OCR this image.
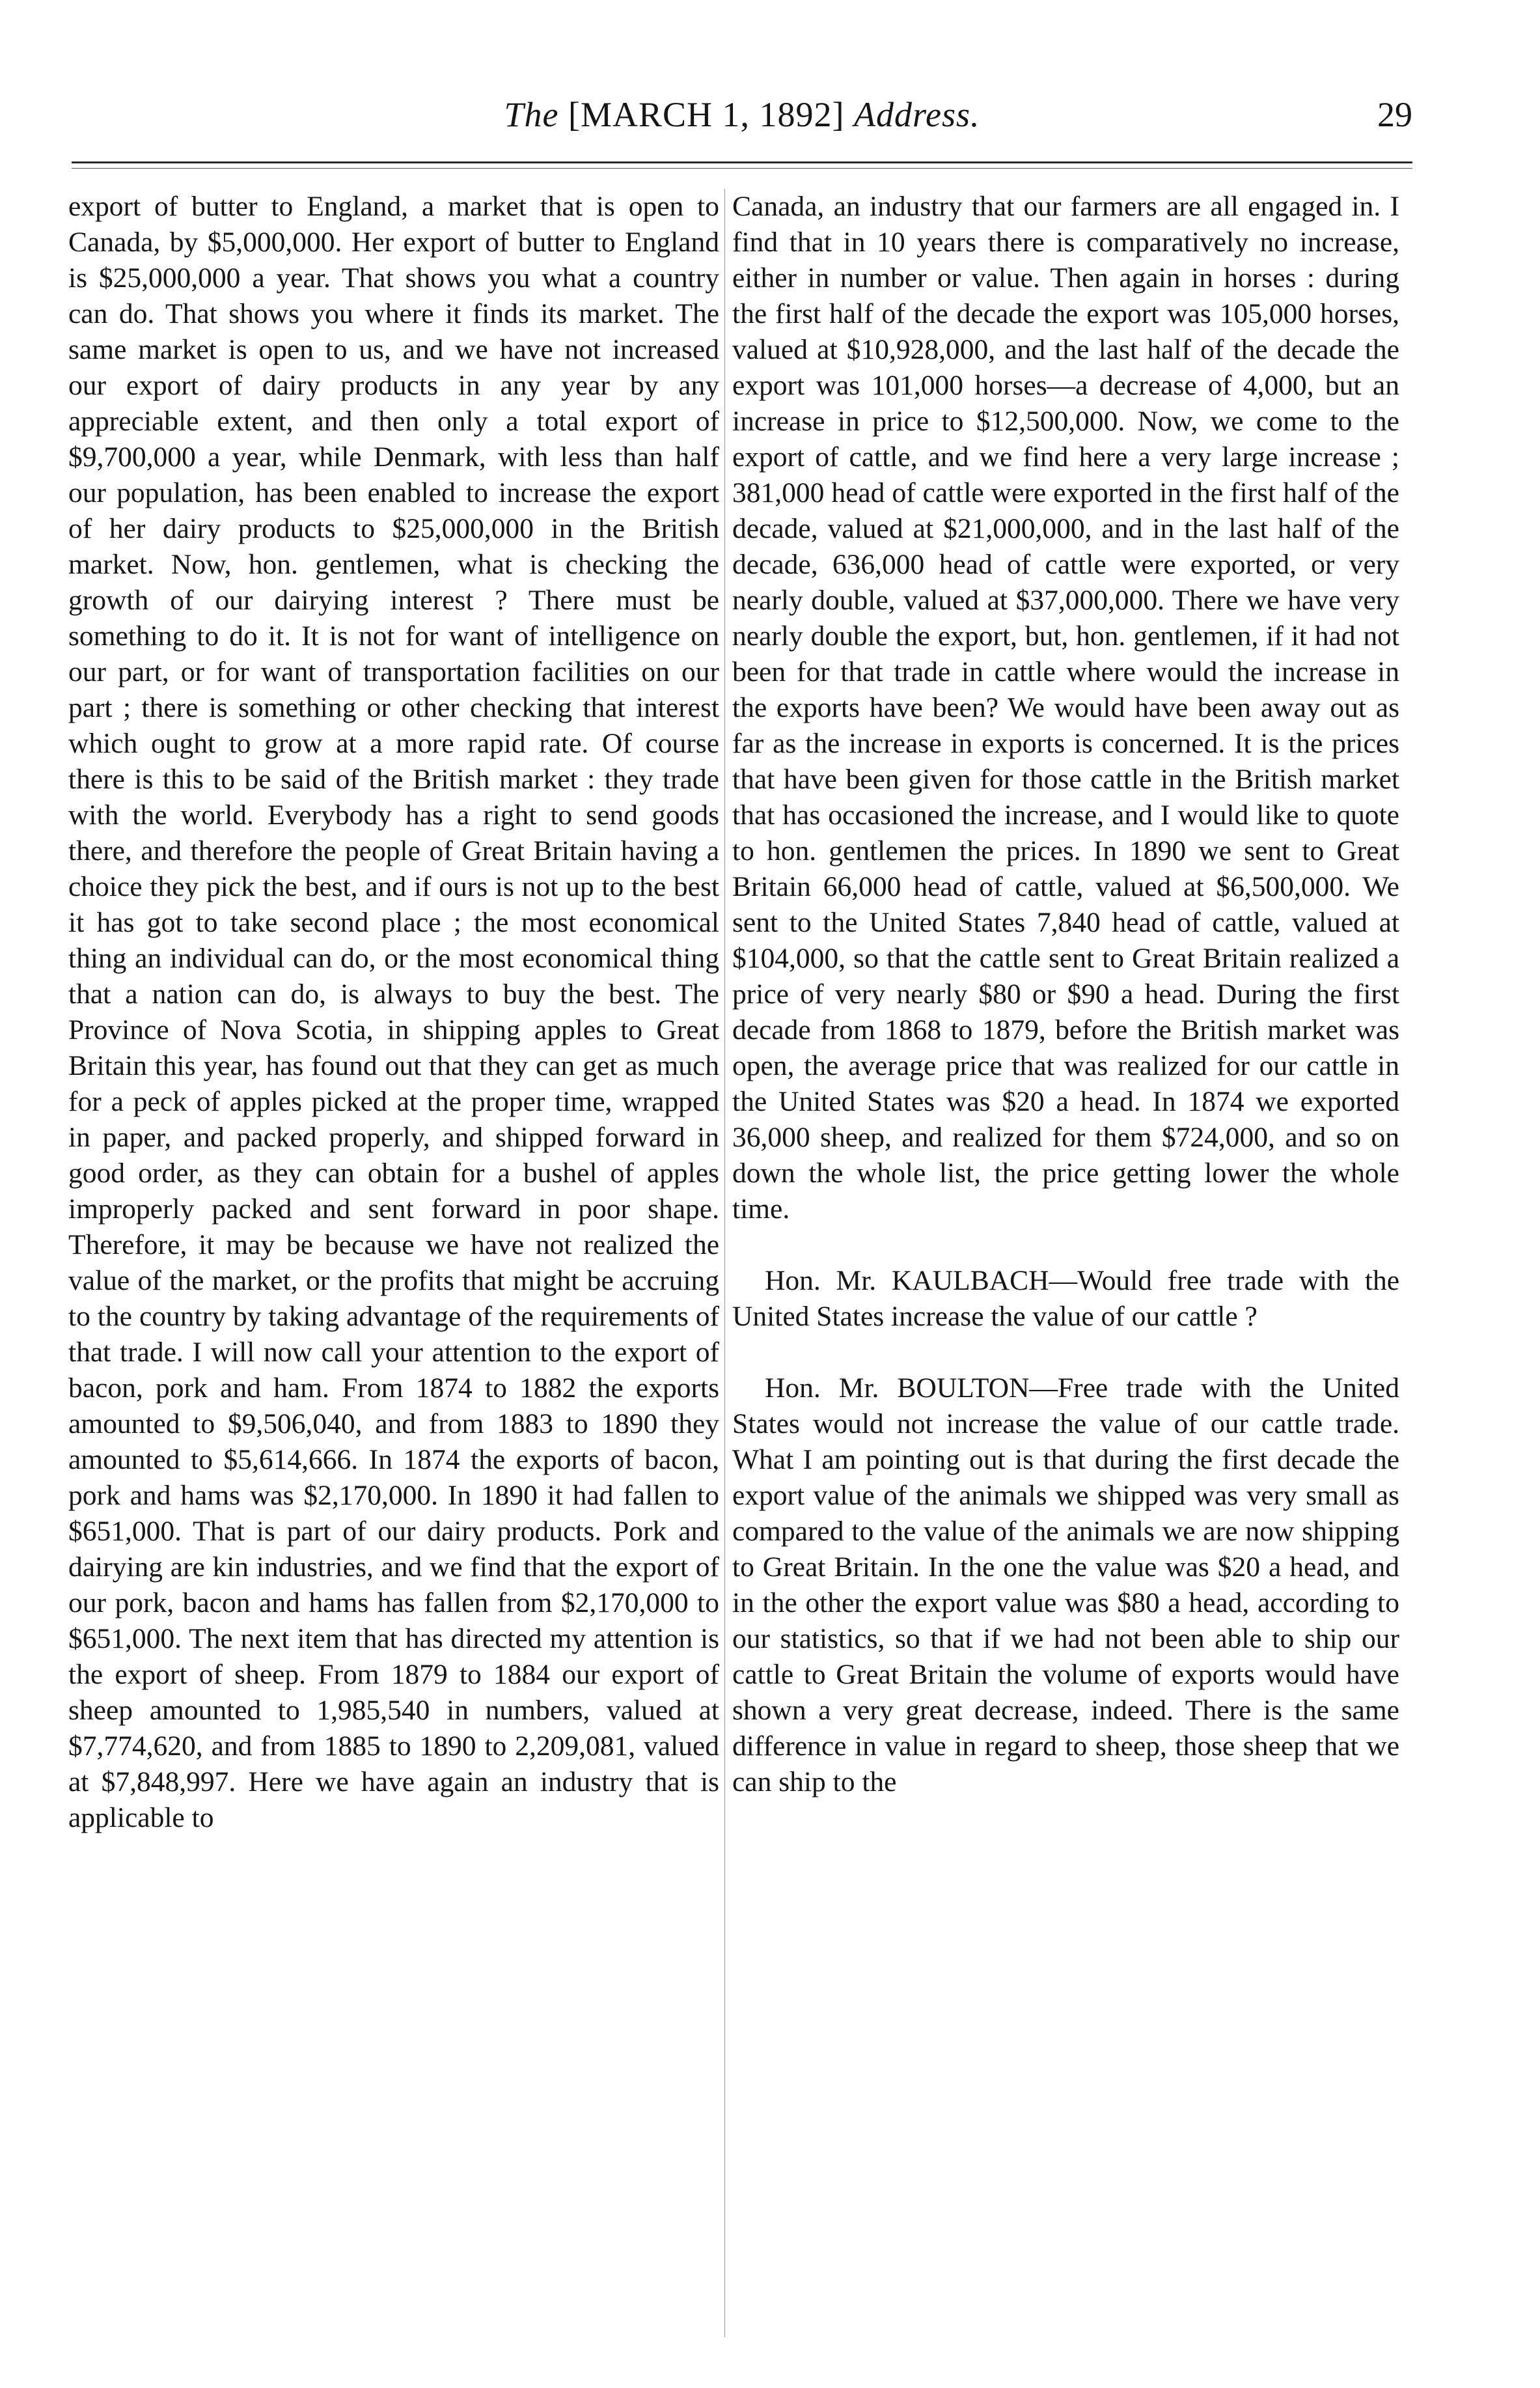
The [MARCH 1, 1892] Address.	29

export of butter to England, a market that is open to Canada, by $5,000,000. Her export of butter to England is $25,000,000 a year. That shows you what a country can do. That shows you where it finds its market. The same market is open to us, and we have not increased our export of dairy products in any year by any appreciable extent, and then only a total export of $9,700,000 a year, while Denmark, with less than half our population, has been enabled to increase the export of her dairy products to $25,000,000 in the British market. Now, hon. gentlemen, what is checking the growth of our dairying interest ? There must be something to do it. It is not for want of intelligence on our part, or for want of transportation facilities on our part ; there is something or other checking that interest which ought to grow at a more rapid rate. Of course there is this to be said of the British market : they trade with the world. Everybody has a right to send goods there, and therefore the people of Great Britain having a choice they pick the best, and if ours is not up to the best it has got to take second place ; the most economical thing an individual can do, or the most economical thing that a nation can do, is always to buy the best. The Province of Nova Scotia, in shipping apples to Great Britain this year, has found out that they can get as much for a peck of apples picked at the proper time, wrapped in paper, and packed properly, and shipped forward in good order, as they can obtain for a bushel of apples improperly packed and sent forward in poor shape. Therefore, it may be because we have not realized the value of the market, or the profits that might be accruing to the country by taking advantage of the requirements of that trade. I will now call your attention to the export of bacon, pork and ham. From 1874 to 1882 the exports amounted to $9,506,040, and from 1883 to 1890 they amounted to $5,614,666. In 1874 the exports of bacon, pork and hams was $2,170,000. In 1890 it had fallen to $651,000. That is part of our dairy products. Pork and dairying are kin industries, and we find that the export of our pork, bacon and hams has fallen from $2,170,000 to $651,000. The next item that has directed my attention is the export of sheep. From 1879 to 1884 our export of sheep amounted to 1,985,540 in numbers, valued at $7,774,620, and from 1885 to 1890 to 2,209,081, valued at $7,848,997. Here we have again an industry that is applicable to

Canada, an industry that our farmers are all engaged in. I find that in 10 years there is comparatively no increase, either in number or value. Then again in horses : during the first half of the decade the export was 105,000 horses, valued at $10,928,000, and the last half of the decade the export was 101,000 horses—a decrease of 4,000, but an increase in price to $12,500,000. Now, we come to the export of cattle, and we find here a very large increase ; 381,000 head of cattle were exported in the first half of the decade, valued at $21,000,000, and in the last half of the decade, 636,000 head of cattle were exported, or very nearly double, valued at $37,000,000. There we have very nearly double the export, but, hon. gentlemen, if it had not been for that trade in cattle where would the increase in the exports have been? We would have been away out as far as the increase in exports is concerned. It is the prices that have been given for those cattle in the British market that has occasioned the increase, and I would like to quote to hon. gentlemen the prices. In 1890 we sent to Great Britain 66,000 head of cattle, valued at $6,500,000. We sent to the United States 7,840 head of cattle, valued at $104,000, so that the cattle sent to Great Britain realized a price of very nearly $80 or $90 a head. During the first decade from 1868 to 1879, before the British market was open, the average price that was realized for our cattle in the United States was $20 a head. In 1874 we exported 36,000 sheep, and realized for them $724,000, and so on down the whole list, the price getting lower the whole time.

Hon. Mr. KAULBACH—Would free trade with the United States increase the value of our cattle ?

Hon. Mr. BOULTON—Free trade with the United States would not increase the value of our cattle trade. What I am pointing out is that during the first decade the export value of the animals we shipped was very small as compared to the value of the animals we are now shipping to Great Britain. In the one the value was $20 a head, and in the other the export value was $80 a head, according to our statistics, so that if we had not been able to ship our cattle to Great Britain the volume of exports would have shown a very great decrease, indeed. There is the same difference in value in regard to sheep, those sheep that we can ship to the
